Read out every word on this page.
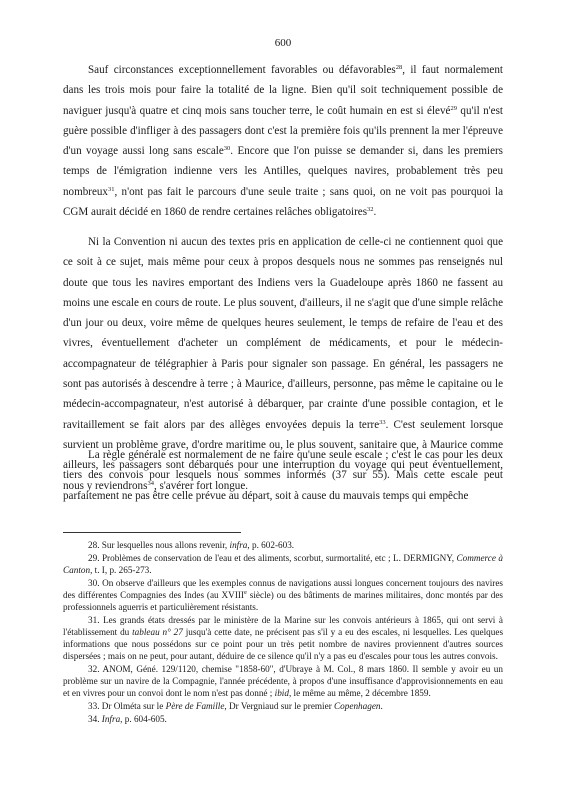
600

Sauf circonstances exceptionnellement favorables ou défavorables$^{28}$, il faut normalement dans les trois mois pour faire la totalité de la ligne. Bien qu'il soit techniquement possible de naviguer jusqu'à quatre et cinq mois sans toucher terre, le coût humain en est si élevé$^{29}$ qu'il n'est guère possible d'infliger à des passagers dont c'est la première fois qu'ils prennent la mer l'épreuve d'un voyage aussi long sans escale$^{30}$. Encore que l'on puisse se demander si, dans les premiers temps de l'émigration indienne vers les Antilles, quelques navires, probablement très peu nombreux$^{31}$, n'ont pas fait le parcours d'une seule traite ; sans quoi, on ne voit pas pourquoi la CGM aurait décidé en 1860 de rendre certaines relâches obligatoires$^{32}$.

Ni la Convention ni aucun des textes pris en application de celle-ci ne contiennent quoi que ce soit à ce sujet, mais même pour ceux à propos desquels nous ne sommes pas renseignés nul doute que tous les navires emportant des Indiens vers la Guadeloupe après 1860 ne fassent au moins une escale en cours de route. Le plus souvent, d'ailleurs, il ne s'agit que d'une simple relâche d'un jour ou deux, voire même de quelques heures seulement, le temps de refaire de l'eau et des vivres, éventuellement d'acheter un complément de médicaments, et pour le médecin-accompagnateur de télégraphier à Paris pour signaler son passage. En général, les passagers ne sont pas autorisés à descendre à terre ; à Maurice, d'ailleurs, personne, pas même le capitaine ou le médecin-accompagnateur, n'est autorisé à débarquer, par crainte d'une possible contagion, et le ravitaillement se fait alors par des allèges envoyées depuis la terre$^{33}$. C'est seulement lorsque survient un problème grave, d'ordre maritime ou, le plus souvent, sanitaire que, à Maurice comme ailleurs, les passagers sont débarqués pour une interruption du voyage qui peut éventuellement, nous y reviendrons$^{34}$, s'avérer fort longue.

La règle générale est normalement de ne faire qu'une seule escale ; c'est le cas pour les deux tiers des convois pour lesquels nous sommes informés (37 sur 55). Mais cette escale peut parfaitement ne pas être celle prévue au départ, soit à cause du mauvais temps qui empêche

28. Sur lesquelles nous allons revenir, infra, p. 602-603.

29. Problèmes de conservation de l'eau et des aliments, scorbut, surmortalité, etc ; L. DERMIGNY, Commerce à Canton, t. I, p. 265-273.

30. On observe d'ailleurs que les exemples connus de navigations aussi longues concernent toujours des navires des différentes Compagnies des Indes (au XVIIIe siècle) ou des bâtiments de marines militaires, donc montés par des professionnels aguerris et particulièrement résistants.

31. Les grands états dressés par le ministère de la Marine sur les convois antérieurs à 1865, qui ont servi à l'établissement du tableau n° 27 jusqu'à cette date, ne précisent pas s'il y a eu des escales, ni lesquelles. Les quelques informations que nous possédons sur ce point pour un très petit nombre de navires proviennent d'autres sources dispersées ; mais on ne peut, pour autant, déduire de ce silence qu'il n'y a pas eu d'escales pour tous les autres convois.

32. ANOM, Géné. 129/1120, chemise "1858-60", d'Ubraye à M. Col., 8 mars 1860. Il semble y avoir eu un problème sur un navire de la Compagnie, l'année précédente, à propos d'une insuffisance d'approvisionnements en eau et en vivres pour un convoi dont le nom n'est pas donné ; ibid, le même au même, 2 décembre 1859.

33. Dr Olméta sur le Père de Famille, Dr Vergniaud sur le premier Copenhagen.

34. Infra, p. 604-605.
